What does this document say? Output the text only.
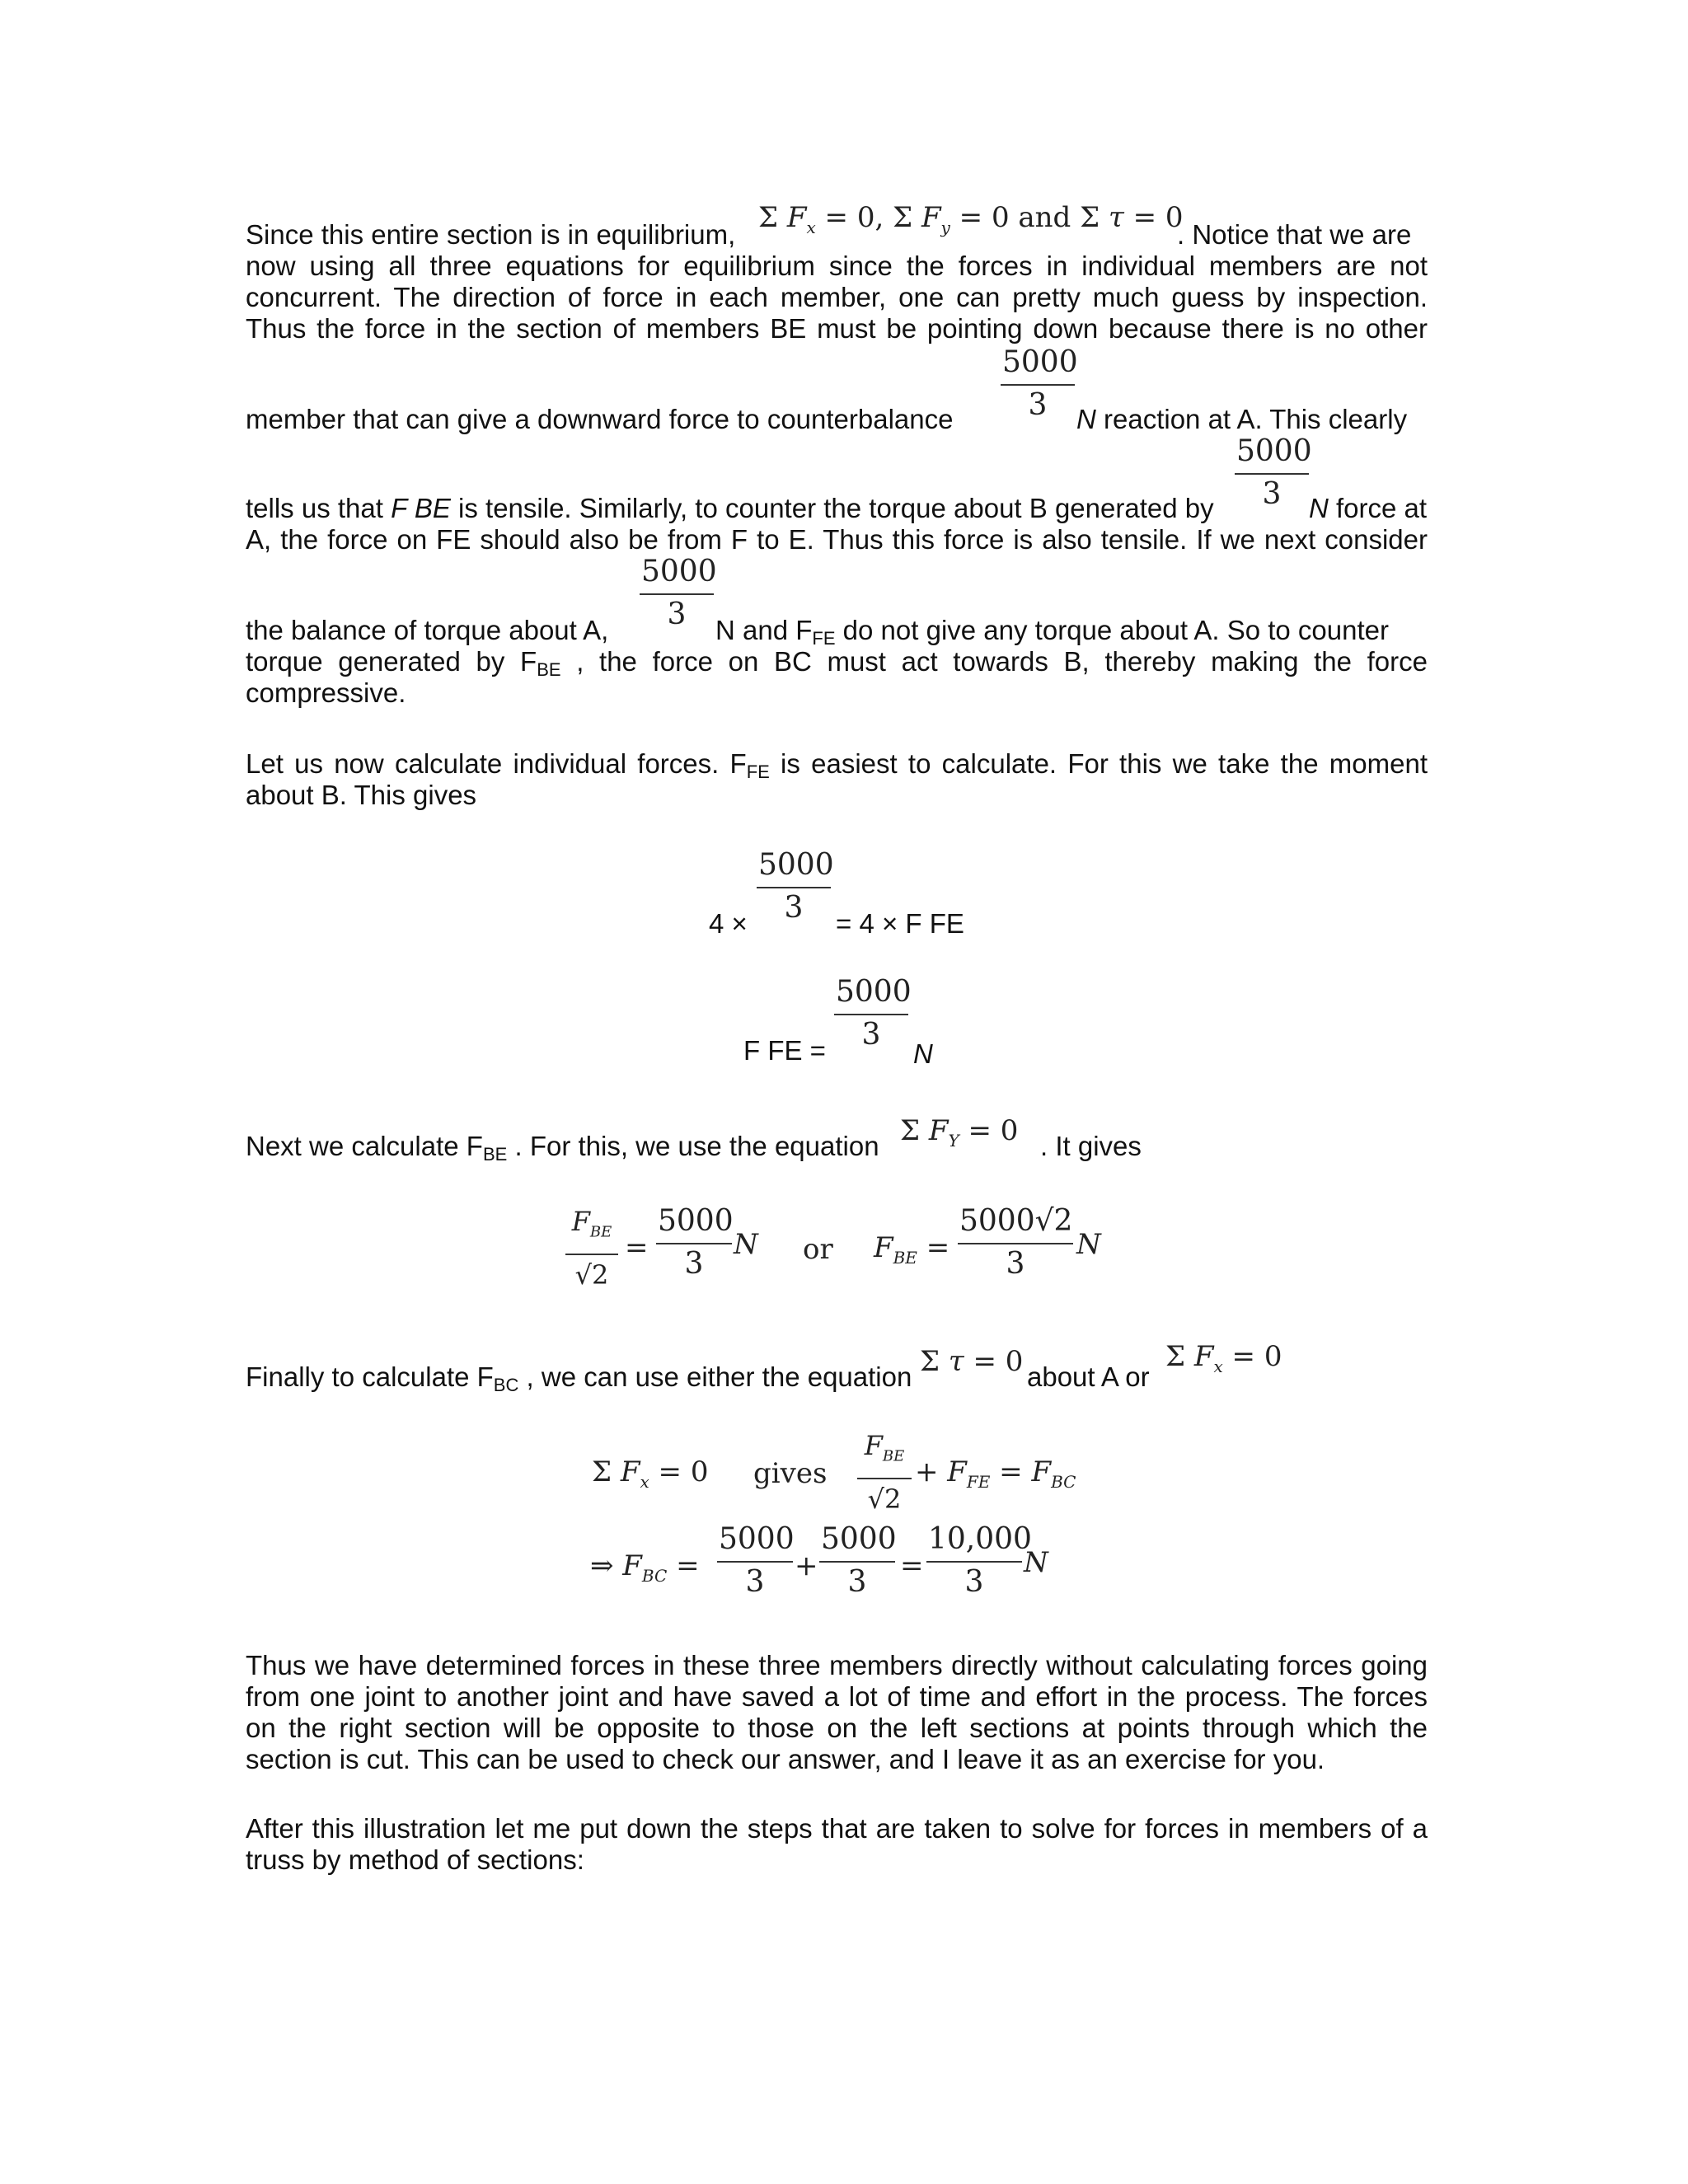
Since this entire section is in equilibrium,
Σ $F_x = 0$, Σ $F_y = 0$ and Σ τ = 0
. Notice that we are
now using all three equations for equilibrium since the forces in individual members are not
concurrent. The direction of force in each member, one can pretty much guess by inspection.
Thus the force in the section of members BE must be pointing down because there is no other
$\frac{5000}{3}$
member that can give a downward force to counterbalance	N reaction at A. This clearly
$\frac{5000}{3}$
tells us that F BE is tensile. Similarly, to counter the torque about B generated by	N force at
A, the force on FE should also be from F to E. Thus this force is also tensile. If we next consider
$\frac{5000}{3}$
the balance of torque about A,	N and $F_{FE}$ do not give any torque about A. So to counter
torque generated by $F_{BE}$ , the force on BC must act towards B, thereby making the force
compressive.
Let us now calculate individual forces. $F_{FE}$ is easiest to calculate. For this we take the moment
about B. This gives
$4 \times \frac{5000}{3} = 4 \times F$ FE
F FE = $\frac{5000}{3}$
N
Next we calculate $F_{BE}$ . For this, we use the equation Σ $F_Y = 0$ . It gives
$F_{BE}$
√2
= $\frac{5000}{3}$ N or $F_{BE} = \frac{5000√2}{3}$ N
Finally to calculate $F_{BC}$ , we can use either the equation Σ τ = 0 about A or
Σ $F_x = 0$
Σ $F_x = 0$ gives
$F_{BE}$
√2
+ $F_{FE} = F_{BC}$
⇒ $F_{BC} = \frac{5000}{3} + \frac{5000}{3} = \frac{10,000}{3}$ N
Thus we have determined forces in these three members directly without calculating forces going
from one joint to another joint and have saved a lot of time and effort in the process. The forces
on the right section will be opposite to those on the left sections at points through which the
section is cut. This can be used to check our answer, and I leave it as an exercise for you.
After this illustration let me put down the steps that are taken to solve for forces in members of a
truss by method of sections:
